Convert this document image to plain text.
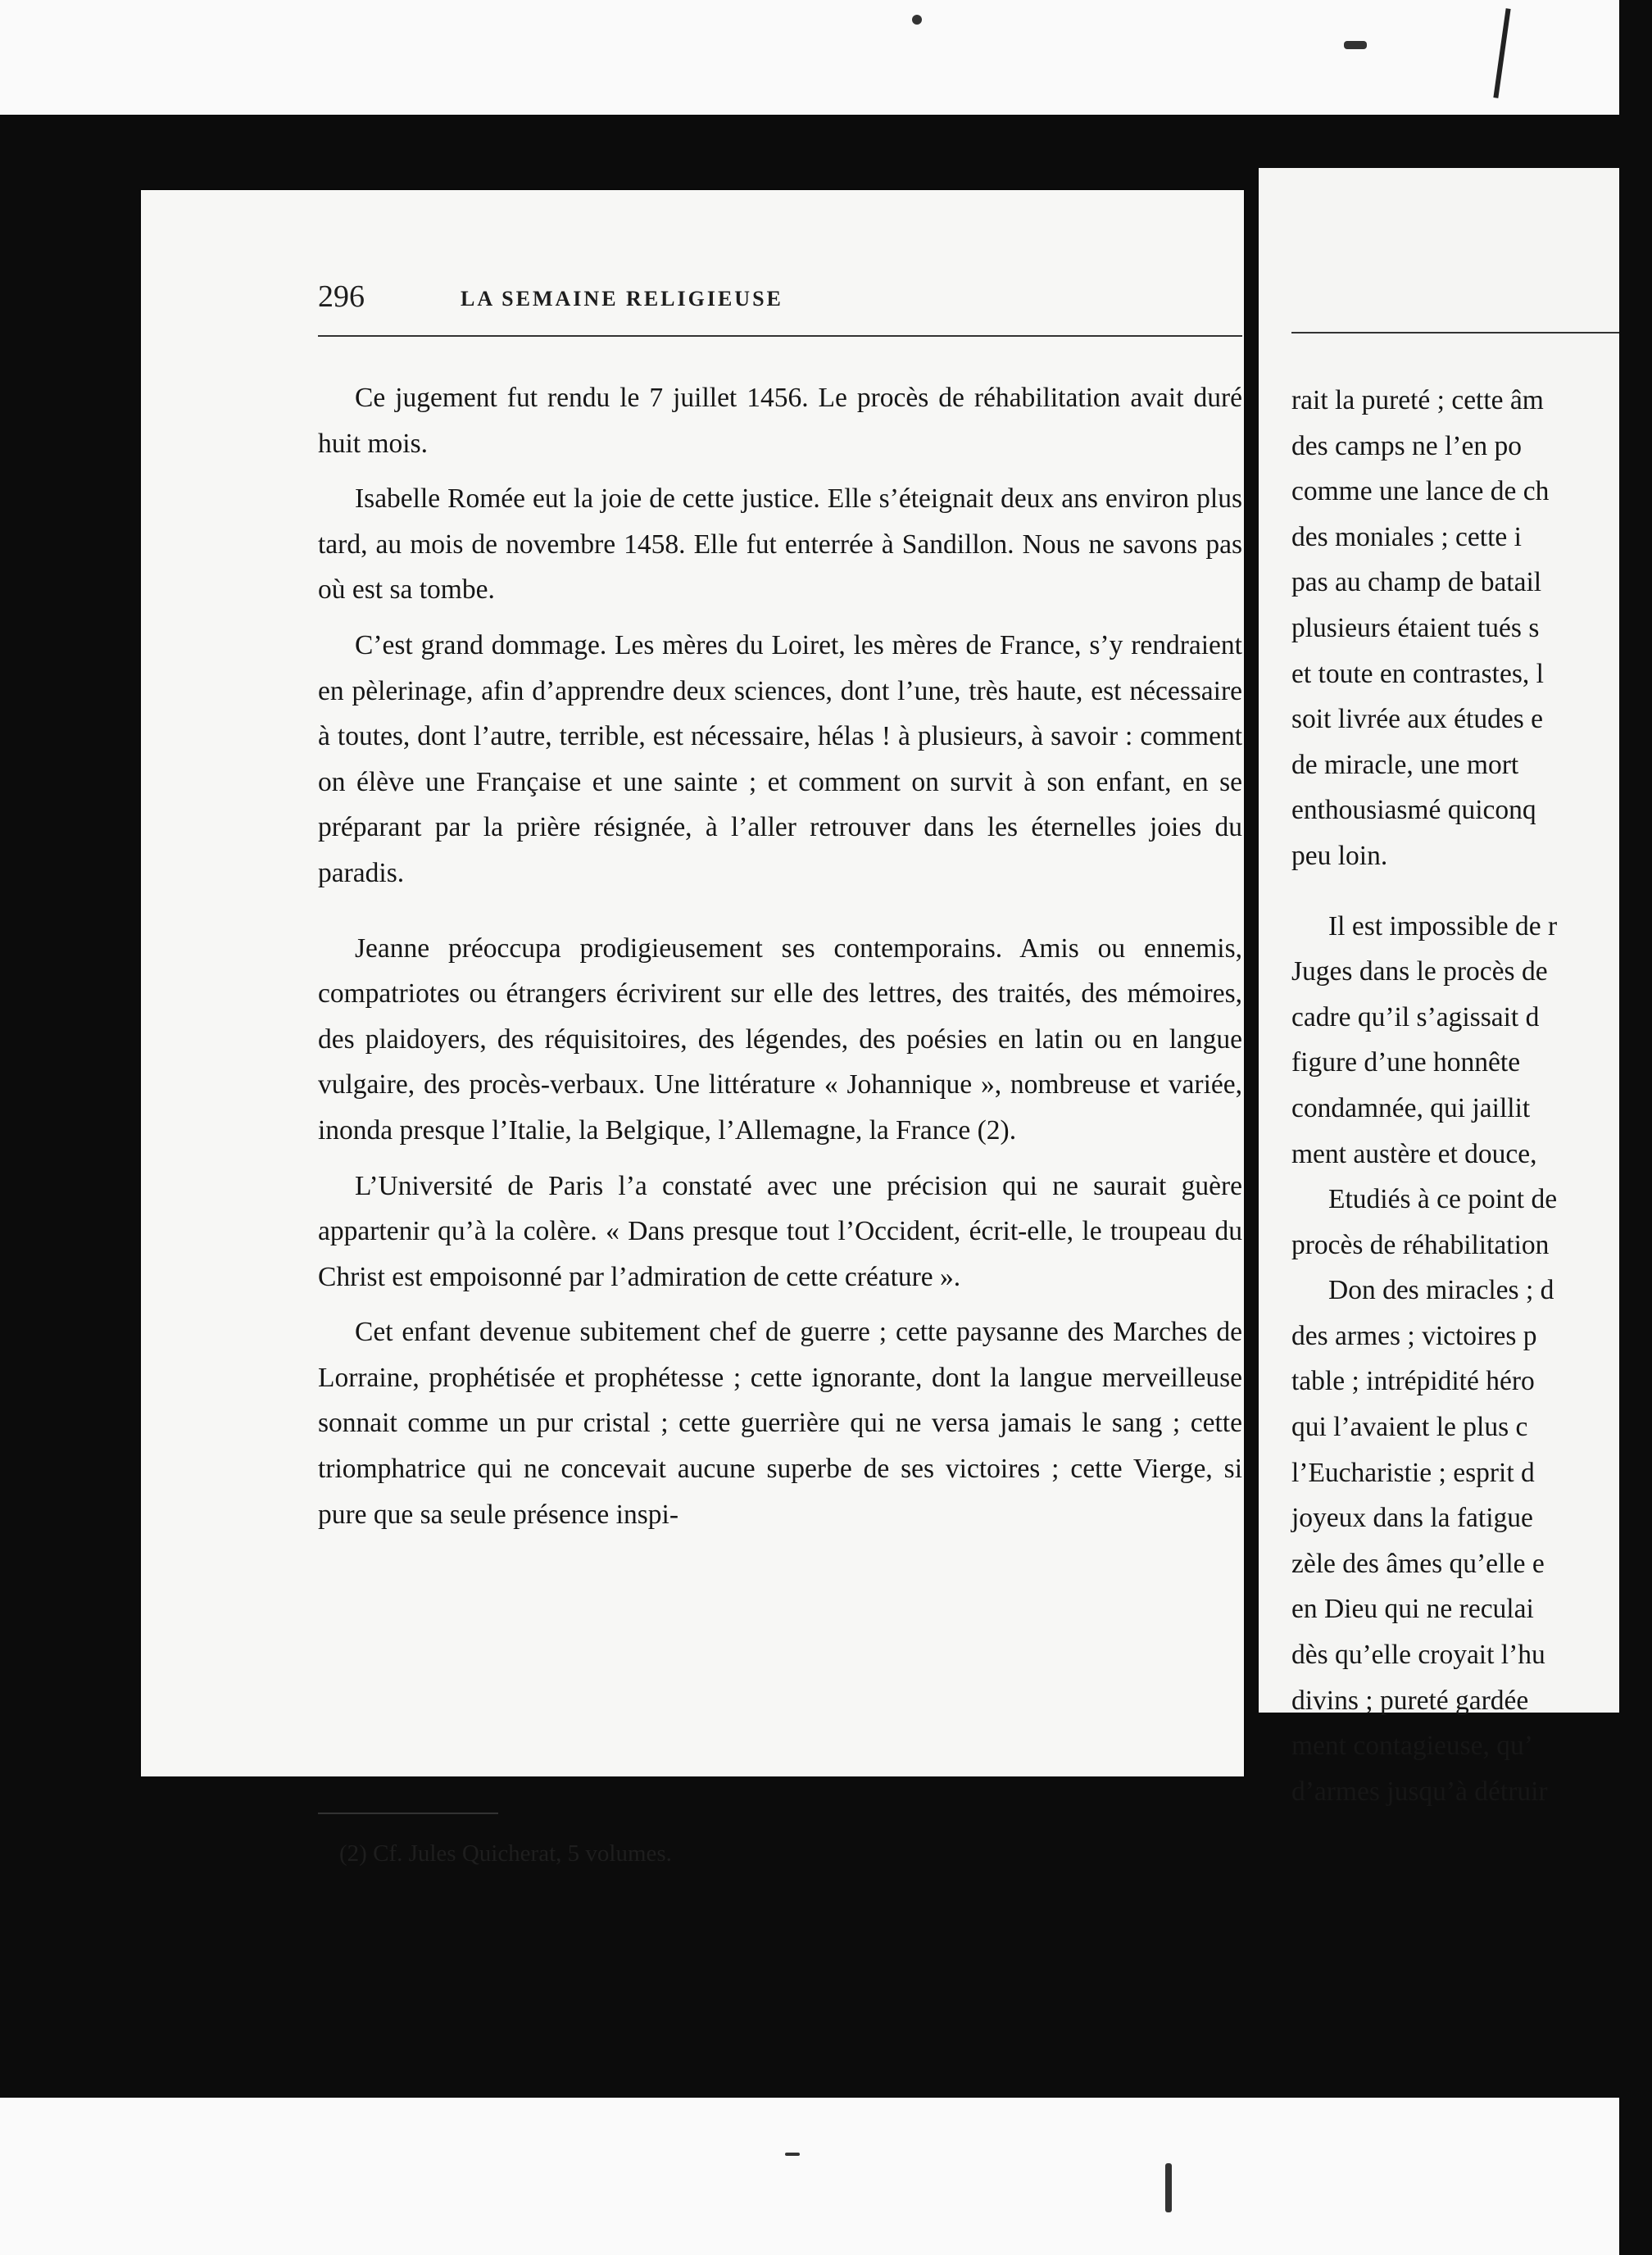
296	LA SEMAINE RELIGIEUSE

Ce jugement fut rendu le 7 juillet 1456. Le procès de réhabilitation avait duré huit mois.

Isabelle Romée eut la joie de cette justice. Elle s’éteignait deux ans environ plus tard, au mois de novembre 1458. Elle fut enterrée à Sandillon. Nous ne savons pas où est sa tombe.

C’est grand dommage. Les mères du Loiret, les mères de France, s’y rendraient en pèlerinage, afin d’apprendre deux sciences, dont l’une, très haute, est nécessaire à toutes, dont l’autre, terrible, est nécessaire, hélas ! à plusieurs, à savoir : comment on élève une Française et une sainte ; et comment on survit à son enfant, en se préparant par la prière résignée, à l’aller retrouver dans les éternelles joies du paradis.

Jeanne préoccupa prodigieusement ses contemporains. Amis ou ennemis, compatriotes ou étrangers écrivirent sur elle des lettres, des traités, des mémoires, des plaidoyers, des réquisitoires, des légendes, des poésies en latin ou en langue vulgaire, des procès-verbaux. Une littérature « Johannique », nombreuse et variée, inonda presque l’Italie, la Belgique, l’Allemagne, la France (2).

L’Université de Paris l’a constaté avec une précision qui ne saurait guère appartenir qu’à la colère. « Dans presque tout l’Occident, écrit-elle, le troupeau du Christ est empoisonné par l’admiration de cette créature ».

Cet enfant devenue subitement chef de guerre ; cette paysanne des Marches de Lorraine, prophétisée et prophétesse ; cette ignorante, dont la langue merveilleuse sonnait comme un pur cristal ; cette guerrière qui ne versa jamais le sang ; cette triomphatrice qui ne concevait aucune superbe de ses victoires ; cette Vierge, si pure que sa seule présence inspi-

(2) Cf. Jules Quicherat, 5 volumes.
rait la pureté ; cette âm
des camps ne l’en po
comme une lance de ch
des moniales ; cette i
pas au champ de batail
plusieurs étaient tués s
et toute en contrastes, l
soit livrée aux études e
de miracle, une mort
enthousiasmé quiconq
peu loin.
Il est impossible de r
Juges dans le procès de
cadre qu’il s’agissait d
figure d’une honnête
condamnée, qui jaillit
ment austère et douce,
Etudiés à ce point de
procès de réhabilitation
Don des miracles ; d
des armes ; victoires p
table ; intrépidité héro
qui l’avaient le plus c
l’Eucharistie ; esprit d
joyeux dans la fatigue
zèle des âmes qu’elle e
en Dieu qui ne reculai
dès qu’elle croyait l’hu
divins ; pureté gardée
ment contagieuse, qu’
d’armes jusqu’à détruir
